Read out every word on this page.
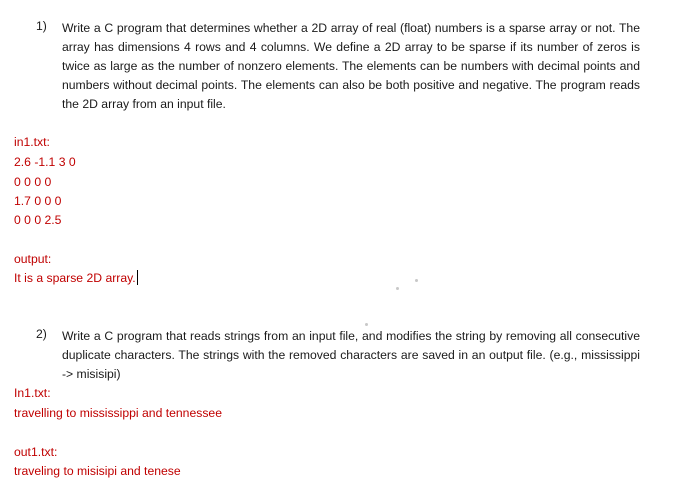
1)	Write a C program that determines whether a 2D array of real (float) numbers is a sparse array or not. The array has dimensions 4 rows and 4 columns. We define a 2D array to be sparse if its number of zeros is twice as large as the number of nonzero elements. The elements can be numbers with decimal points and numbers without decimal points. The elements can also be both positive and negative. The program reads the 2D array from an input file.
in1.txt:
2.6 -1.1 3 0
0 0 0 0
1.7 0 0 0
0 0 0 2.5
output:
It is a sparse 2D array.
2)	Write a C program that reads strings from an input file, and modifies the string by removing all consecutive duplicate characters. The strings with the removed characters are saved in an output file. (e.g., mississippi -> misisipi)
In1.txt:
travelling to mississippi and tennessee
out1.txt:
traveling to misisipi and tenese
